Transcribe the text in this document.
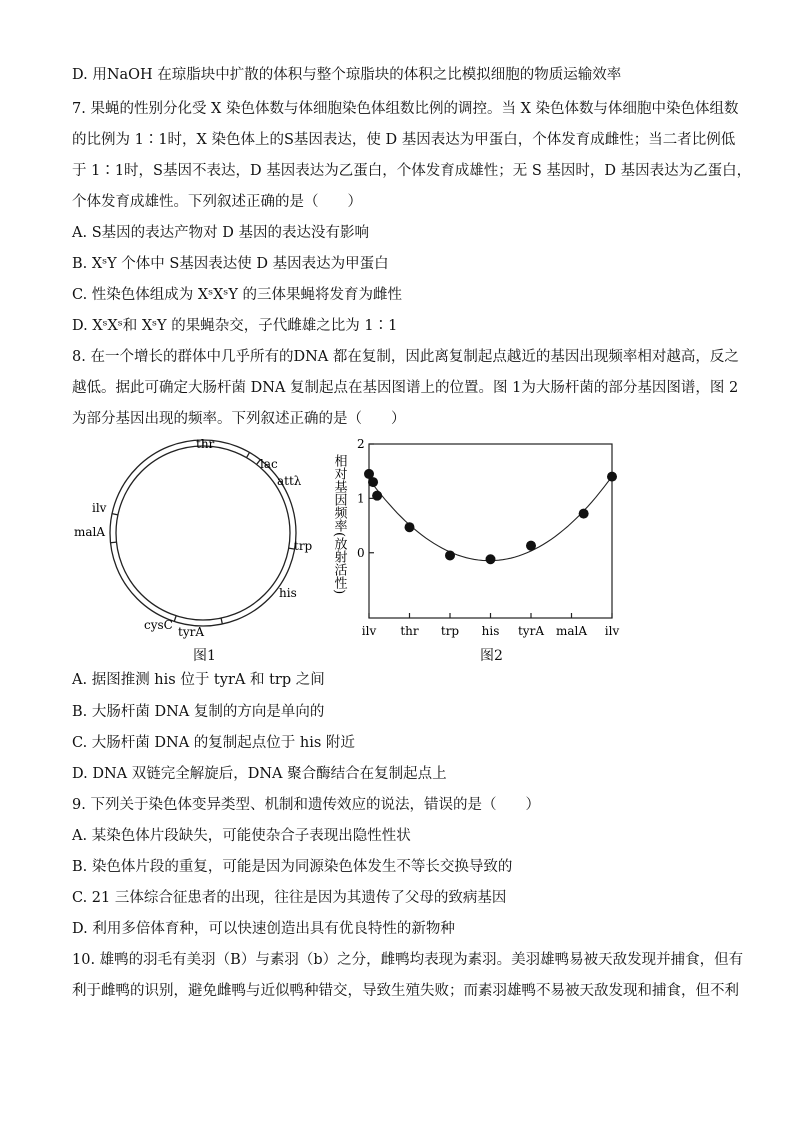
D. 用NaOH 在琼脂块中扩散的体积与整个琼脂块的体积之比模拟细胞的物质运输效率
7. 果蝇的性别分化受 X 染色体数与体细胞染色体组数比例的调控。当 X 染色体数与体细胞中染色体组数
的比例为 1∶1时，X 染色体上的S基因表达，使 D 基因表达为甲蛋白，个体发育成雌性；当二者比例低
于 1∶1时，S基因不表达，D 基因表达为乙蛋白，个体发育成雄性；无 S 基因时，D 基因表达为乙蛋白，
个体发育成雄性。下列叙述正确的是（　　）
A. S基因的表达产物对 D 基因的表达没有影响
B. XˢY 个体中 S基因表达使 D 基因表达为甲蛋白
C. 性染色体组成为 XˢXˢY 的三体果蝇将发育为雌性
D. XˢXˢ和 XˢY 的果蝇杂交，子代雌雄之比为 1∶1
8. 在一个增长的群体中几乎所有的DNA 都在复制，因此离复制起点越近的基因出现频率相对越高，反之
越低。据此可确定大肠杆菌 DNA 复制起点在基因图谱上的位置。图 1为大肠杆菌的部分基因图谱，图 2
为部分基因出现的频率。下列叙述正确的是（　　）
A. 据图推测 his 位于 tyrA 和 trp 之间
B. 大肠杆菌 DNA 复制的方向是单向的
C. 大肠杆菌 DNA 的复制起点位于 his 附近
D. DNA 双链完全解旋后，DNA 聚合酶结合在复制起点上
9. 下列关于染色体变异类型、机制和遗传效应的说法，错误的是（　　）
A. 某染色体片段缺失，可能使杂合子表现出隐性性状
B. 染色体片段的重复，可能是因为同源染色体发生不等长交换导致的
C. 21 三体综合征患者的出现，往往是因为其遗传了父母的致病基因
D. 利用多倍体育种，可以快速创造出具有优良特性的新物种
10. 雄鸭的羽毛有美羽（B）与素羽（b）之分，雌鸭均表现为素羽。美羽雄鸭易被天敌发现并捕食，但有
利于雌鸭的识别，避免雌鸭与近似鸭种错交，导致生殖失败；而素羽雄鸭不易被天敌发现和捕食，但不利
thr
lac
attλ
trp
his
tyrA
cysC
malA
ilv
图1
ilv thr trp his tyrA malA ilv
2
1
0
相对基因频率(放射活性)
图2
